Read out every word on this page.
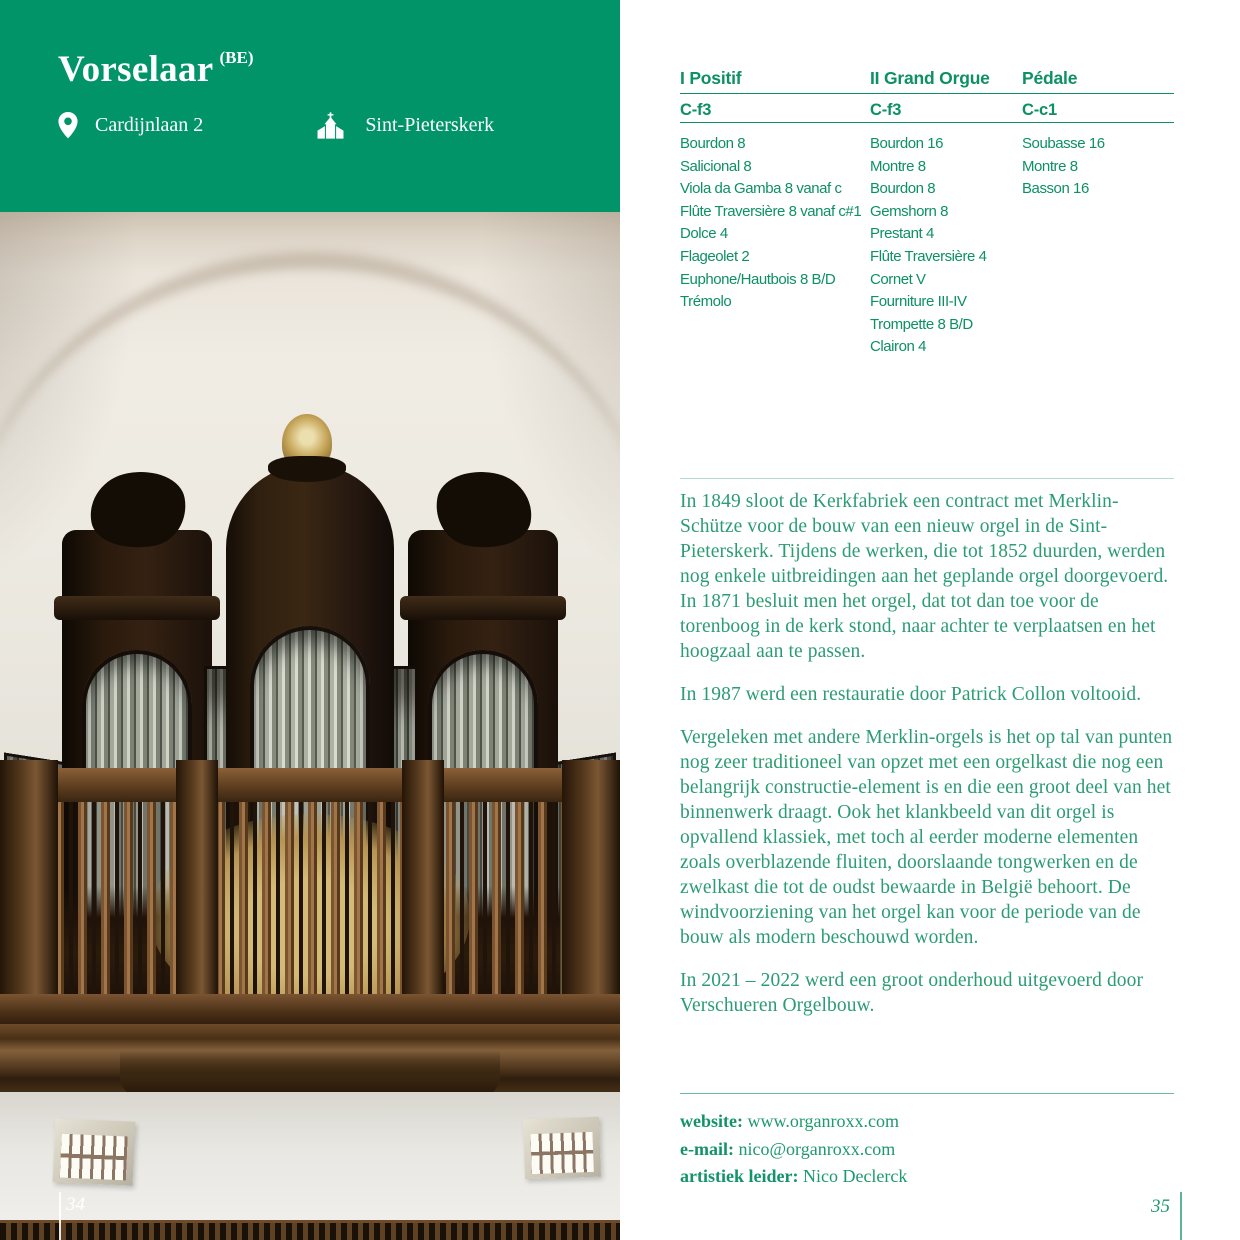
Vorselaar $^{(BE)}$
Cardijnlaan 2	Sint-Pieterskerk
34
I Positif
C-f3
Bourdon 8
Salicional 8
Viola da Gamba 8 vanaf c
Flûte Traversière 8 vanaf c#1
Dolce 4
Flageolet 2
Euphone/Hautbois 8 B/D
Trémolo
II Grand Orgue
C-f3
Bourdon 16
Montre 8
Bourdon 8
Gemshorn 8
Prestant 4
Flûte Traversière 4
Cornet V
Fourniture III-IV
Trompette 8 B/D
Clairon 4
Pédale
C-c1
Soubasse 16
Montre 8
Basson 16

In 1849 sloot de Kerkfabriek een contract met Merklin-Schütze voor de bouw van een nieuw orgel in de Sint-Pieterskerk. Tijdens de werken, die tot 1852 duurden, werden nog enkele uitbreidingen aan het geplande orgel doorgevoerd. In 1871 besluit men het orgel, dat tot dan toe voor de torenboog in de kerk stond, naar achter te verplaatsen en het hoogzaal aan te passen.

In 1987 werd een restauratie door Patrick Collon voltooid.

Vergeleken met andere Merklin-orgels is het op tal van punten nog zeer traditioneel van opzet met een orgelkast die nog een belangrijk constructie-element is en die een groot deel van het binnenwerk draagt. Ook het klankbeeld van dit orgel is opvallend klassiek, met toch al eerder moderne elementen zoals overblazende fluiten, doorslaande tongwerken en de zwelkast die tot de oudst bewaarde in België behoort. De windvoorziening van het orgel kan voor de periode van de bouw als modern beschouwd worden.

In 2021 – 2022 werd een groot onderhoud uitgevoerd door Verschueren Orgelbouw.

website: www.organroxx.com

e-mail: nico@organroxx.com

artistiek leider: Nico Declerck

35
